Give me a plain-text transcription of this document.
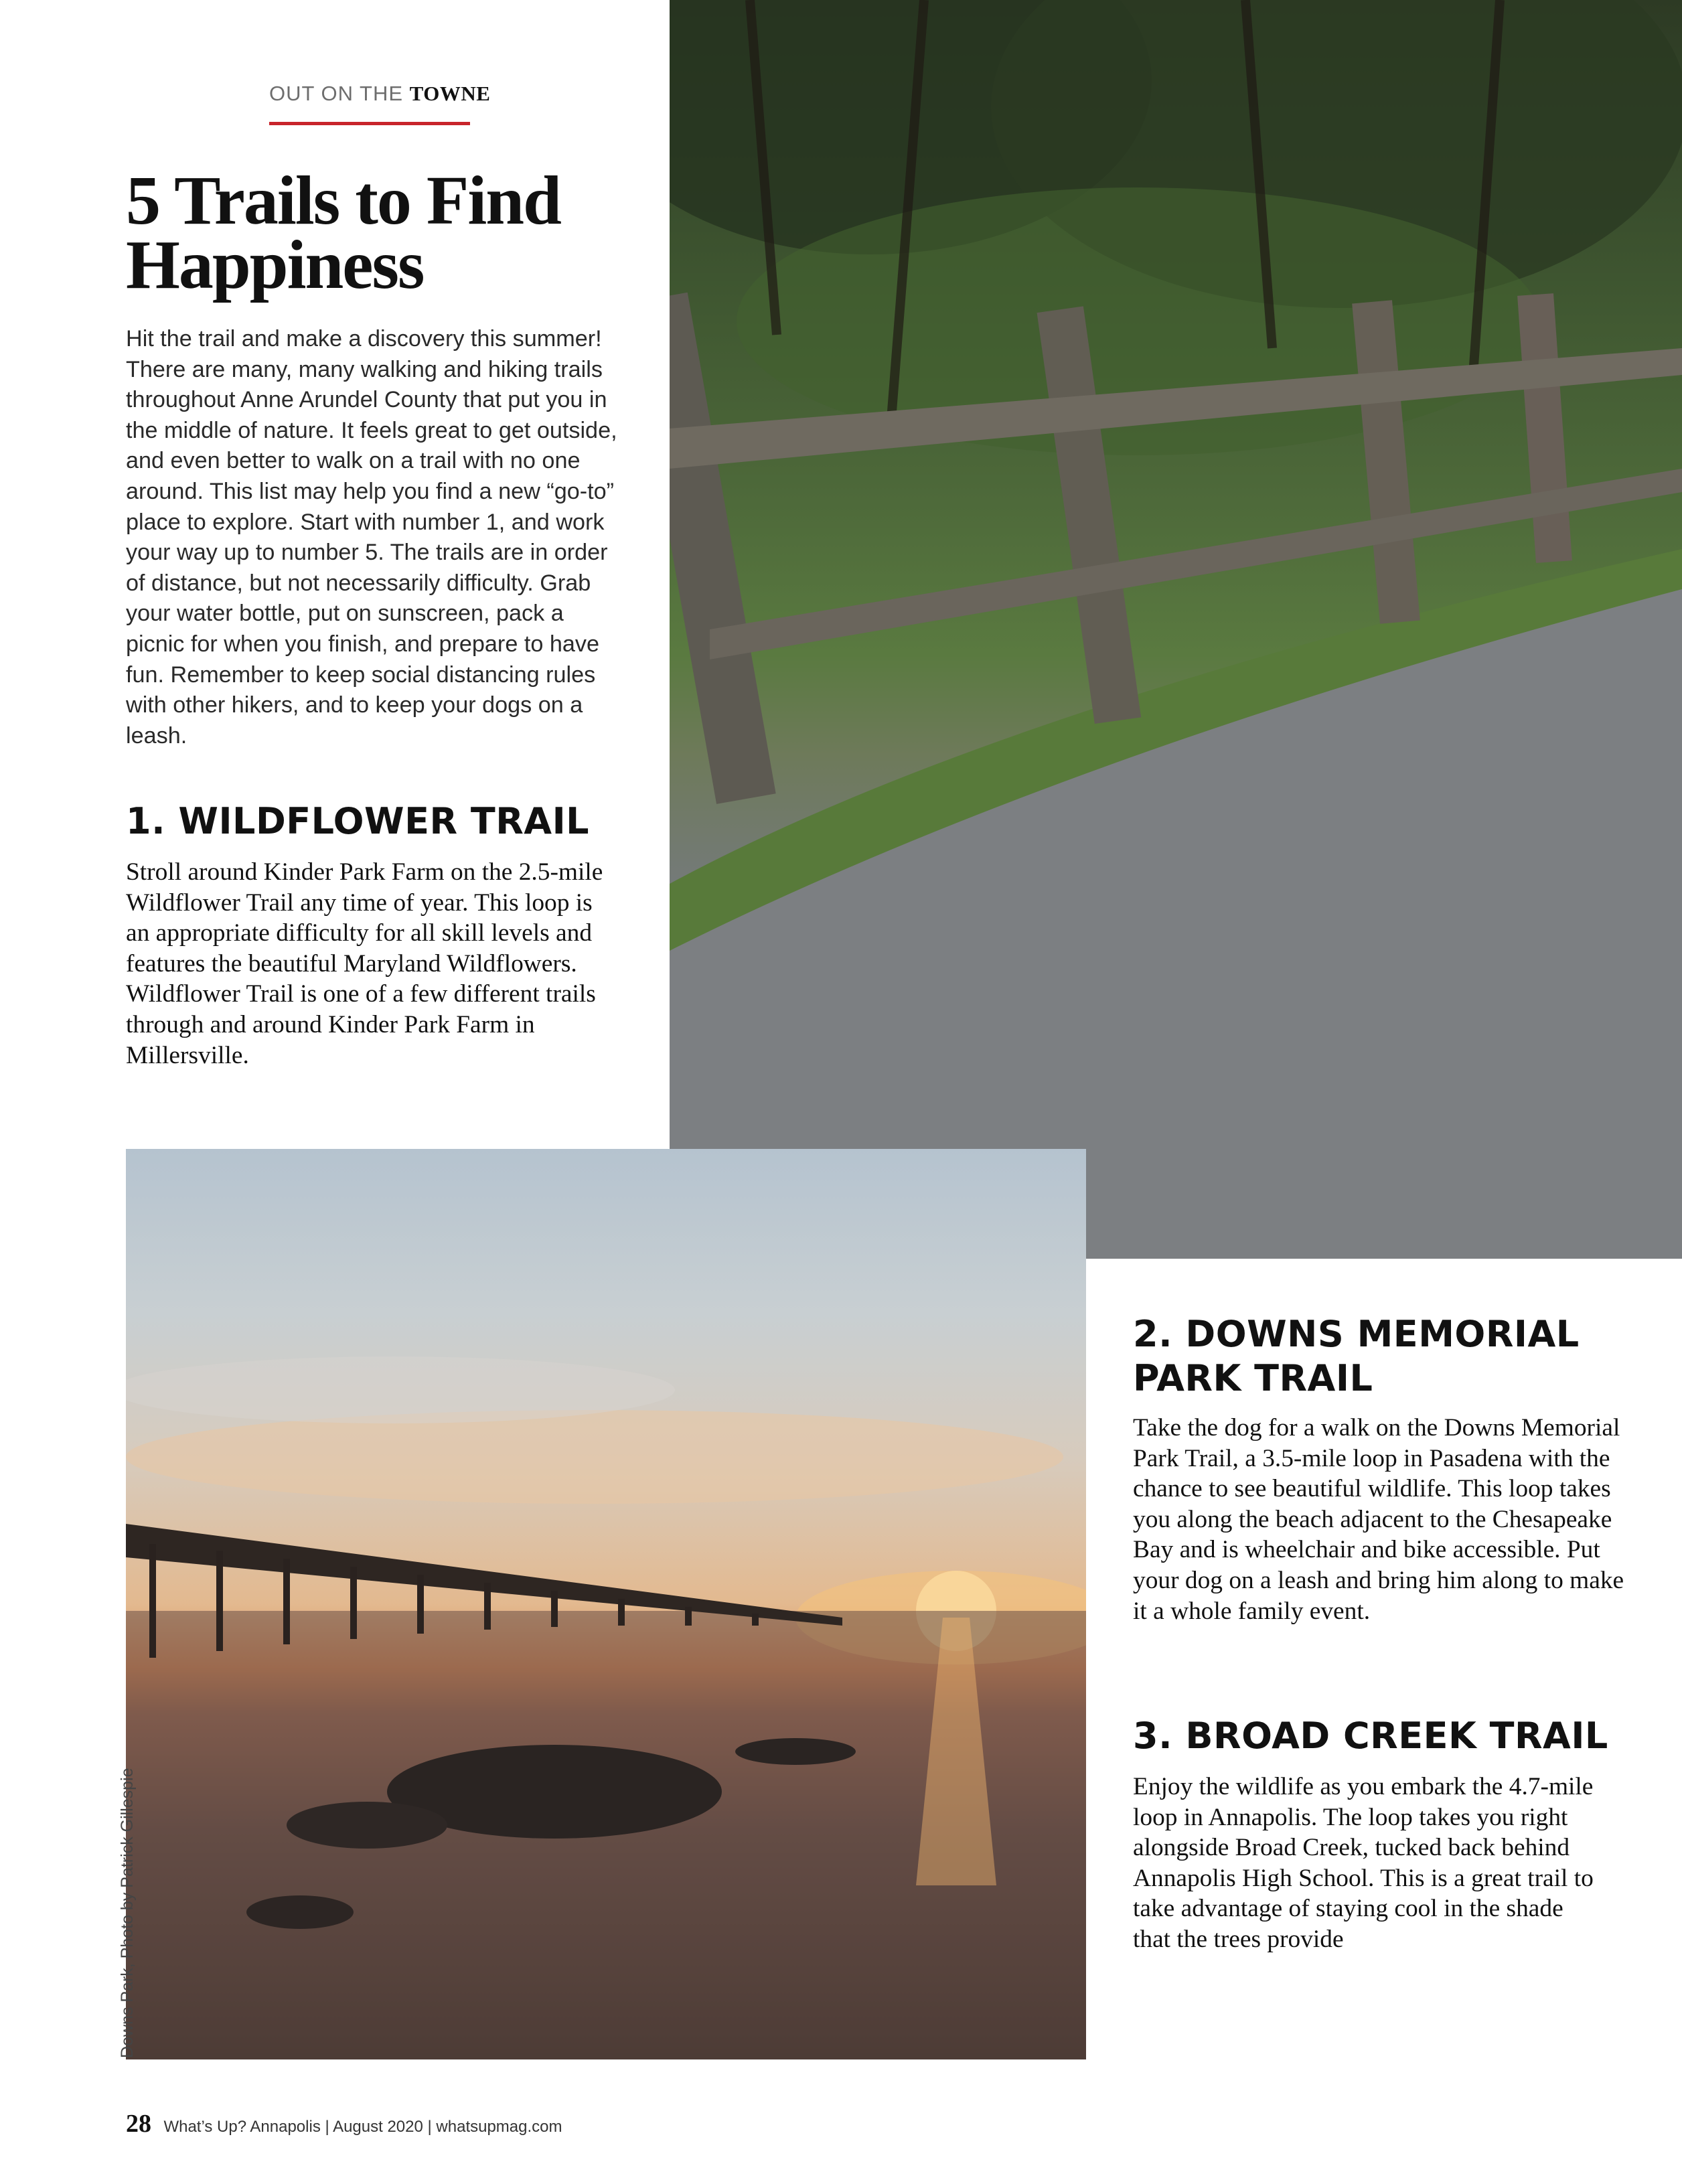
OUT ON THE TOWNE
5 Trails to Find Happiness

Hit the trail and make a discovery this summer! There are many, many walking and hiking trails throughout Anne Arundel County that put you in the middle of nature. It feels great to get outside, and even better to walk on a trail with no one around. This list may help you find a new “go-to” place to explore. Start with number 1, and work your way up to number 5. The trails are in order of distance, but not necessarily difficulty. Grab your water bottle, put on sunscreen, pack a picnic for when you finish, and prepare to have fun. Remember to keep social distancing rules with other hikers, and to keep your dogs on a leash.

1. WILDFLOWER TRAIL

Stroll around Kinder Park Farm on the 2.5-mile Wildflower Trail any time of year. This loop is an appropriate difficulty for all skill levels and features the beautiful Maryland Wildflowers. Wildflower Trail is one of a few different trails through and around Kinder Park Farm in Millersville.

Downs Park, Photo by Patrick Gillespie
2. DOWNS MEMORIAL PARK TRAIL

Take the dog for a walk on the Downs Memorial Park Trail, a 3.5-mile loop in Pasadena with the chance to see beautiful wildlife. This loop takes you along the beach adjacent to the Chesapeake Bay and is wheelchair and bike accessible. Put your dog on a leash and bring him along to make it a whole family event.

3. BROAD CREEK TRAIL

Enjoy the wildlife as you embark the 4.7-mile loop in Annapolis. The loop takes you right alongside Broad Creek, tucked back behind Annapolis High School. This is a great trail to take advantage of staying cool in the shade that the trees provide

28 What’s Up? Annapolis | August 2020 | whatsupmag.com
